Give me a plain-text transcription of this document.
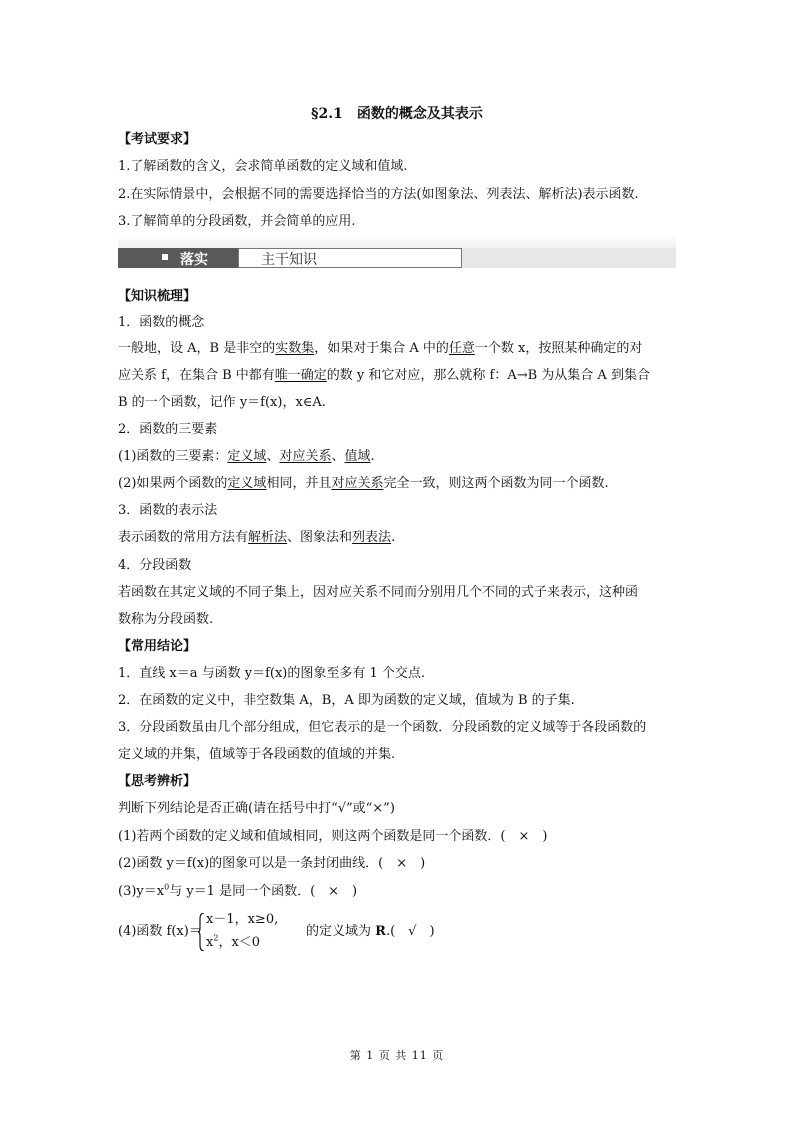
§2.1　函数的概念及其表示
【考试要求】
1.了解函数的含义，会求简单函数的定义域和值域.
2.在实际情景中，会根据不同的需要选择恰当的方法(如图象法、列表法、解析法)表示函数.
3.了解简单的分段函数，并会简单的应用.
落实	主干知识
【知识梳理】
1．函数的概念
一般地，设 A，B 是非空的实数集，如果对于集合 A 中的任意一个数 x，按照某种确定的对
应关系 f，在集合 B 中都有唯一确定的数 y 和它对应，那么就称 f：A→B 为从集合 A 到集合
B 的一个函数，记作 y＝f(x)，x∈A.
2．函数的三要素
(1)函数的三要素：定义域、对应关系、值域.
(2)如果两个函数的定义域相同，并且对应关系完全一致，则这两个函数为同一个函数.
3．函数的表示法
表示函数的常用方法有解析法、图象法和列表法.
4．分段函数
若函数在其定义域的不同子集上，因对应关系不同而分别用几个不同的式子来表示，这种函
数称为分段函数.
【常用结论】
1．直线 x＝a 与函数 y＝f(x)的图象至多有 1 个交点.
2．在函数的定义中，非空数集 A，B，A 即为函数的定义域，值域为 B 的子集.
3．分段函数虽由几个部分组成，但它表示的是一个函数．分段函数的定义域等于各段函数的
定义域的并集，值域等于各段函数的值域的并集.
【思考辨析】
判断下列结论是否正确(请在括号中打“√”或“×”)
(1)若两个函数的定义域和值域相同，则这两个函数是同一个函数．(　×　)
(2)函数 y＝f(x)的图象可以是一条封闭曲线．(　×　)
$(3)y=x^0$与 y＝1 是同一个函数．(　×　)
(4)函数 f(x)＝
x－1，x≥0,
$x^2$，x＜0
的定义域为 R.(　√　)
第 1 页 共 11 页
